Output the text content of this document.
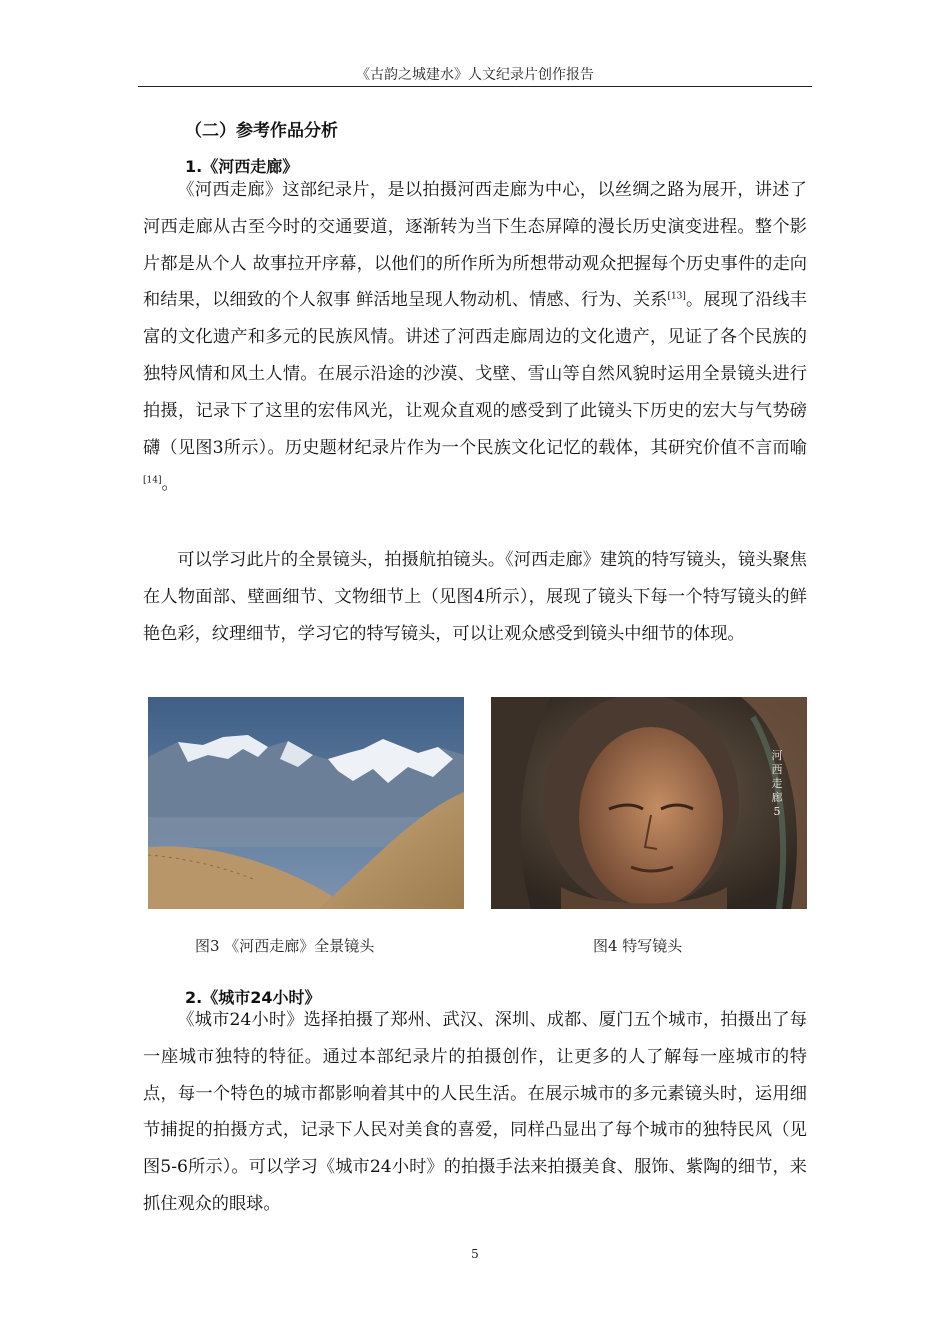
《古韵之城建水》人文纪录片创作报告
（二）参考作品分析
1.《河西走廊》

《河西走廊》这部纪录片，是以拍摄河西走廊为中心，以丝绸之路为展开，讲述了河西走廊从古至今时的交通要道，逐渐转为当下生态屏障的漫长历史演变进程。整个影片都是从个人 故事拉开序幕，以他们的所作所为所想带动观众把握每个历史事件的走向和结果，以细致的个人叙事 鲜活地呈现人物动机、情感、行为、关系[13]。展现了沿线丰富的文化遗产和多元的民族风情。讲述了河西走廊周边的文化遗产，见证了各个民族的独特风情和风土人情。在展示沿途的沙漠、戈壁、雪山等自然风貌时运用全景镜头进行拍摄，记录下了这里的宏伟风光，让观众直观的感受到了此镜头下历史的宏大与气势磅礴（见图3所示）。历史题材纪录片作为一个民族文化记忆的载体，其研究价值不言而喻[14]。

可以学习此片的全景镜头，拍摄航拍镜头。《河西走廊》建筑的特写镜头，镜头聚焦在人物面部、壁画细节、文物细节上（见图4所示），展现了镜头下每一个特写镜头的鲜艳色彩，纹理细节，学习它的特写镜头，可以让观众感受到镜头中细节的体现。

河
西
走
廊
5
图3 《河西走廊》全景镜头	图4 特写镜头
2.《城市24小时》

《城市24小时》选择拍摄了郑州、武汉、深圳、成都、厦门五个城市，拍摄出了每一座城市独特的特征。通过本部纪录片的拍摄创作，让更多的人了解每一座城市的特点，每一个特色的城市都影响着其中的人民生活。在展示城市的多元素镜头时，运用细节捕捉的拍摄方式，记录下人民对美食的喜爱，同样凸显出了每个城市的独特民风（见图5-6所示）。可以学习《城市24小时》的拍摄手法来拍摄美食、服饰、紫陶的细节，来抓住观众的眼球。

5
